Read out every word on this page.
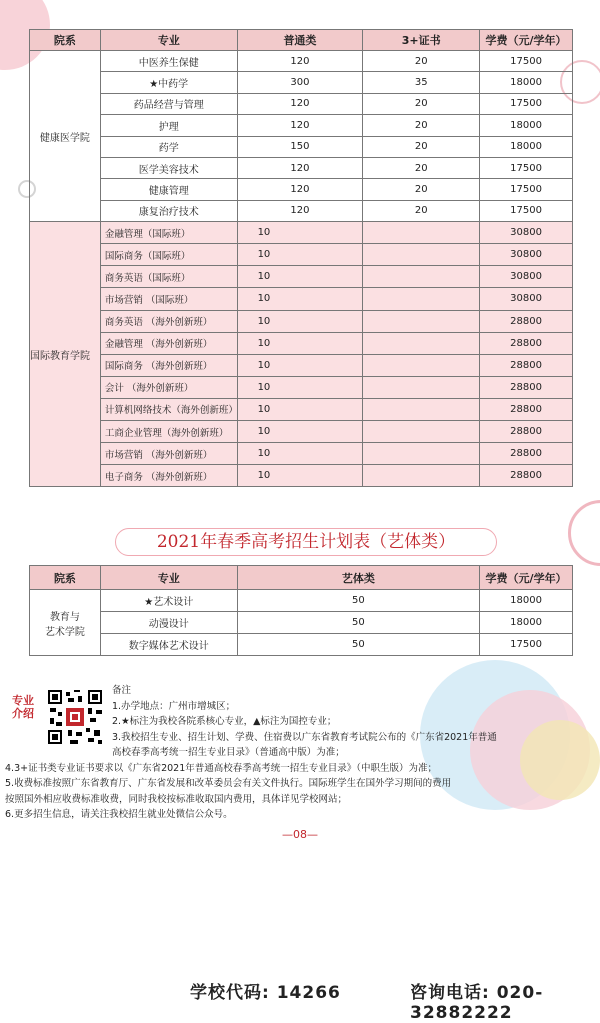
院系	专业	普通类	3+证书	学费（元/学年）
健康医学院	中医养生保健	120	20	17500
	★中药学	300	35	18000
	药品经营与管理	120	20	17500
	护理	120	20	18000
	药学	150	20	18000
	医学美容技术	120	20	17500
	健康管理	120	20	17500
	康复治疗技术	120	20	17500
国际教育学院	金融管理（国际班）	10		30800
	国际商务（国际班）	10		30800
	商务英语（国际班）	10		30800
	市场营销 （国际班）	10		30800
	商务英语 （海外创新班）	10		28800
	金融管理 （海外创新班）	10		28800
	国际商务 （海外创新班）	10		28800
	会计 （海外创新班）	10		28800
	计算机网络技术（海外创新班）	10		28800
	工商企业管理（海外创新班）	10		28800
	市场营销 （海外创新班）	10		28800
	电子商务 （海外创新班）	10		28800
学校代码: 14266	咨询电话: 020-32882222
2021年春季高考招生计划表（艺体类）
院系	专业	艺体类	学费（元/学年）
教育与
艺术学院	★艺术设计	50	18000
	动漫设计	50	18000
	数字媒体艺术设计	50	17500
专业介绍

备注

1.办学地点：广州市增城区；

2.★标注为我校各院系核心专业，▲标注为国控专业；

3.我校招生专业、招生计划、学费、住宿费以广东省教育考试院公布的《广东省2021年普通

高校春季高考统一招生专业目录》（普通高中版）为准；

4.3+证书类专业证书要求以《广东省2021年普通高校春季高考统一招生专业目录》（中职生版）为准；

5.收费标准按照广东省教育厅、广东省发展和改革委员会有关文件执行。国际班学生在国外学习期间的费用

按照国外相应收费标准收费，同时我校按标准收取国内费用，具体详见学校网站；

6.更多招生信息，请关注我校招生就业处微信公众号。

—08—
